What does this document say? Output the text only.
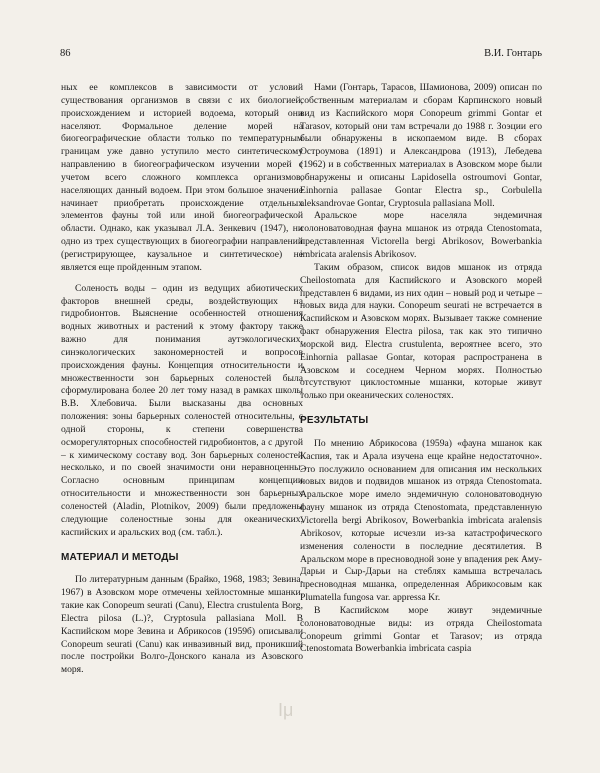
86	В.И. Гонтарь

ных ее комплексов в зависимости от условий существования организмов в связи с их биологией, происхождением и историей водоема, который они населяют. Формальное деление морей на биогеографические области только по температурным границам уже давно уступило место синтетическому направлению в биогеографическом изучении морей с учетом всего сложного комплекса организмов, населяющих данный водоем. При этом большое значение начинает приобретать происхождение отдельных элементов фауны той или иной биогеографической области. Однако, как указывал Л.А. Зенкевич (1947), ни одно из трех существующих в биогеографии направлений (регистрирующее, каузальное и синтетическое) не является еще пройденным этапом.

Соленость воды – один из ведущих абиотических факторов внешней среды, воздействующих на гидробионтов. Выяснение особенностей отношения водных животных и растений к этому фактору также важно для понимания аутэкологических, синэкологических закономерностей и вопросов происхождения фауны. Концепция относительности и множественности зон барьерных соленостей была сформулирована более 20 лет тому назад в рамках школы В.В. Хлебовича. Были высказаны два основных положения: зоны барьерных соленостей относительны, с одной стороны, к степени совершенства осморегуляторных способностей гидробионтов, а с другой – к химическому составу вод. Зон барьерных соленостей несколько, и по своей значимости они неравноценны. Согласно основным принципам концепции относительности и множественности зон барьерных соленостей (Aladin, Plotnikov, 2009) были предложены следующие соленостные зоны для океанических, каспийских и аральских вод (см. табл.).

МАТЕРИАЛ И МЕТОДЫ

По литературным данным (Брайко, 1968, 1983; Зевина, 1967) в Азовском море отмечены хейлостомные мшанки, такие как Conopeum seurati (Canu), Electra crustulenta Borg, Electra pilosa (L.)?, Cryptosula pallasiana Moll. В Каспийском море Зевина и Абрикосов (1959б) описывали Conopeum seurati (Canu) как инвазивный вид, проникший после постройки Волго-Донского канала из Азовского моря.

Нами (Гонтарь, Тарасов, Шамионова, 2009) описан по собственным материалам и сборам Карпинского новый вид из Каспийского моря Conopeum grimmi Gontar et Tarasov, который они там встречали до 1988 г. Зоэции его были обнаружены в ископаемом виде. В сборах Остроумова (1891) и Александрова (1913), Лебедева (1962) и в собственных материалах в Азовском море были обнаружены и описаны Lapidosella ostroumovi Gontar, Einhornia pallasae Gontar Electra sp., Corbulella aleksandrovae Gontar, Cryptosula pallasiana Moll.

Аральское море населяла эндемичная солоноватоводная фауна мшанок из отряда Ctenostomata, представленная Victorella bergi Abrikosov, Bowerbankia imbricata aralensis Abrikosov.

Таким образом, список видов мшанок из отряда Cheilostomata для Каспийского и Азовского морей представлен 6 видами, из них один – новый род и четыре – новых вида для науки. Conopeum seurati не встречается в Каспийском и Азовском морях. Вызывает также сомнение факт обнаружения Electra pilosa, так как это типично морской вид. Electra crustulenta, вероятнее всего, это Einhornia pallasae Gontar, которая распространена в Азовском и соседнем Черном морях. Полностью отсутствуют циклостомные мшанки, которые живут только при океанических соленостях.

РЕЗУЛЬТАТЫ

По мнению Абрикосова (1959а) «фауна мшанок как Каспия, так и Арала изучена еще крайне недостаточно». Это послужило основанием для описания им нескольких новых видов и подвидов мшанок из отряда Ctenostomata. Аральское море имело эндемичную солоноватоводную фауну мшанок из отряда Ctenostomata, представленную Victorella bergi Abrikosov, Bowerbankia imbricata aralensis Abrikosov, которые исчезли из-за катастрофического изменения солености в последние десятилетия. В Аральском море в пресноводной зоне у впадения рек Аму-Дарьи и Сыр-Дарьи на стеблях камыша встречалась пресноводная мшанка, определенная Абрикосовым как Plumatella fungosa var. appressa Kr.

В Каспийском море живут эндемичные солоноватоводные виды: из отряда Cheilostomata Conopeum grimmi Gontar et Tarasov; из отряда Ctenostomata Bowerbankia imbricata caspia

Ιμ
